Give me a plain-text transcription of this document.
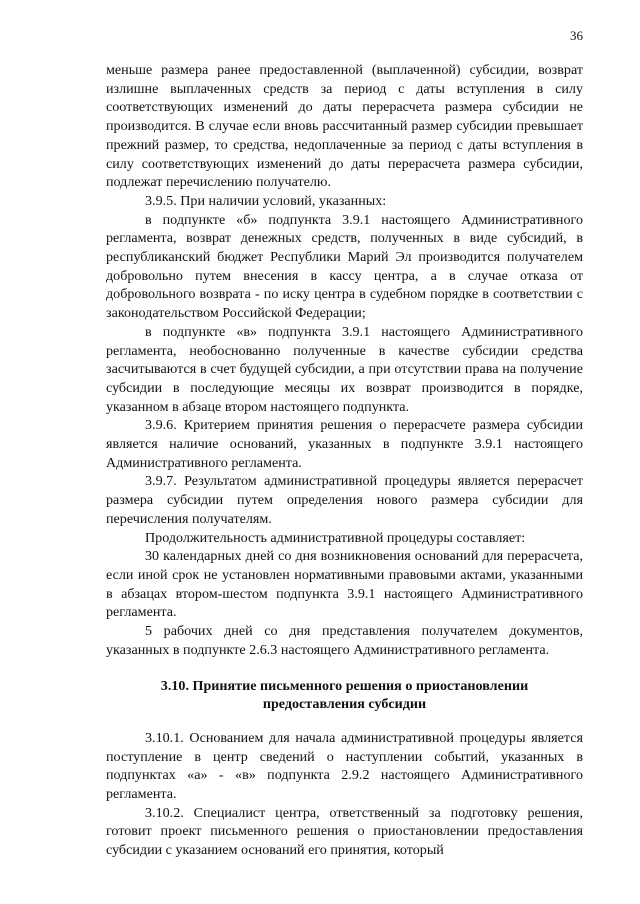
36

меньше размера ранее предоставленной (выплаченной) субсидии, возврат излишне выплаченных средств за период с даты вступления в силу соответствующих изменений до даты перерасчета размера субсидии не производится. В случае если вновь рассчитанный размер субсидии превышает прежний размер, то средства, недоплаченные за период с даты вступления в силу соответствующих изменений до даты перерасчета размера субсидии, подлежат перечислению получателю.

3.9.5. При наличии условий, указанных:

в подпункте «б» подпункта 3.9.1 настоящего Административного регламента, возврат денежных средств, полученных в виде субсидий, в республиканский бюджет Республики Марий Эл производится получателем добровольно путем внесения в кассу центра, а в случае отказа от добровольного возврата - по иску центра в судебном порядке в соответствии с законодательством Российской Федерации;

в подпункте «в» подпункта 3.9.1 настоящего Административного регламента, необоснованно полученные в качестве субсидии средства засчитываются в счет будущей субсидии, а при отсутствии права на получение субсидии в последующие месяцы их возврат производится в порядке, указанном в абзаце втором настоящего подпункта.

3.9.6. Критерием принятия решения о перерасчете размера субсидии является наличие оснований, указанных в подпункте 3.9.1 настоящего Административного регламента.

3.9.7. Результатом административной процедуры является перерасчет размера субсидии путем определения нового размера субсидии для перечисления получателям.

Продолжительность административной процедуры составляет:

30 календарных дней со дня возникновения оснований для перерасчета, если иной срок не установлен нормативными правовыми актами, указанными в абзацах втором-шестом подпункта 3.9.1 настоящего Административного регламента.

5 рабочих дней со дня представления получателем документов, указанных в подпункте 2.6.3 настоящего Административного регламента.

3.10. Принятие письменного решения о приостановлении предоставления субсидии

3.10.1. Основанием для начала административной процедуры является поступление в центр сведений о наступлении событий, указанных в подпунктах «а» - «в» подпункта 2.9.2 настоящего Административного регламента.

3.10.2. Специалист центра, ответственный за подготовку решения, готовит проект письменного решения о приостановлении предоставления субсидии с указанием оснований его принятия, который
